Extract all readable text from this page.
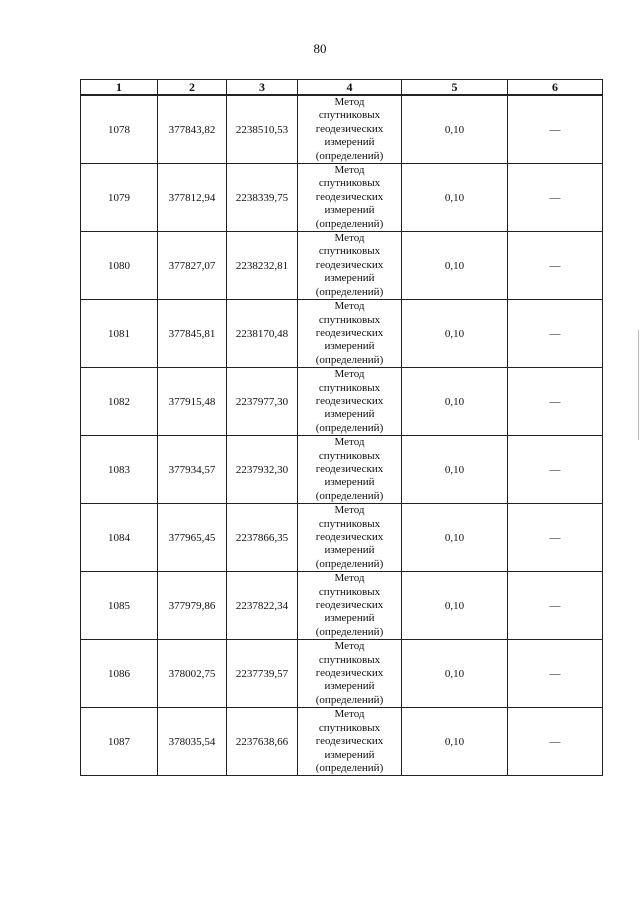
80
1	2	3	4	5	6
1078	377843,82	2238510,53	Метод
спутниковых
геодезических
измерений
(определений)	0,10	—
1079	377812,94	2238339,75	Метод
спутниковых
геодезических
измерений
(определений)	0,10	—
1080	377827,07	2238232,81	Метод
спутниковых
геодезических
измерений
(определений)	0,10	—
1081	377845,81	2238170,48	Метод
спутниковых
геодезических
измерений
(определений)	0,10	—
1082	377915,48	2237977,30	Метод
спутниковых
геодезических
измерений
(определений)	0,10	—
1083	377934,57	2237932,30	Метод
спутниковых
геодезических
измерений
(определений)	0,10	—
1084	377965,45	2237866,35	Метод
спутниковых
геодезических
измерений
(определений)	0,10	—
1085	377979,86	2237822,34	Метод
спутниковых
геодезических
измерений
(определений)	0,10	—
1086	378002,75	2237739,57	Метод
спутниковых
геодезических
измерений
(определений)	0,10	—
1087	378035,54	2237638,66	Метод
спутниковых
геодезических
измерений
(определений)	0,10	—
